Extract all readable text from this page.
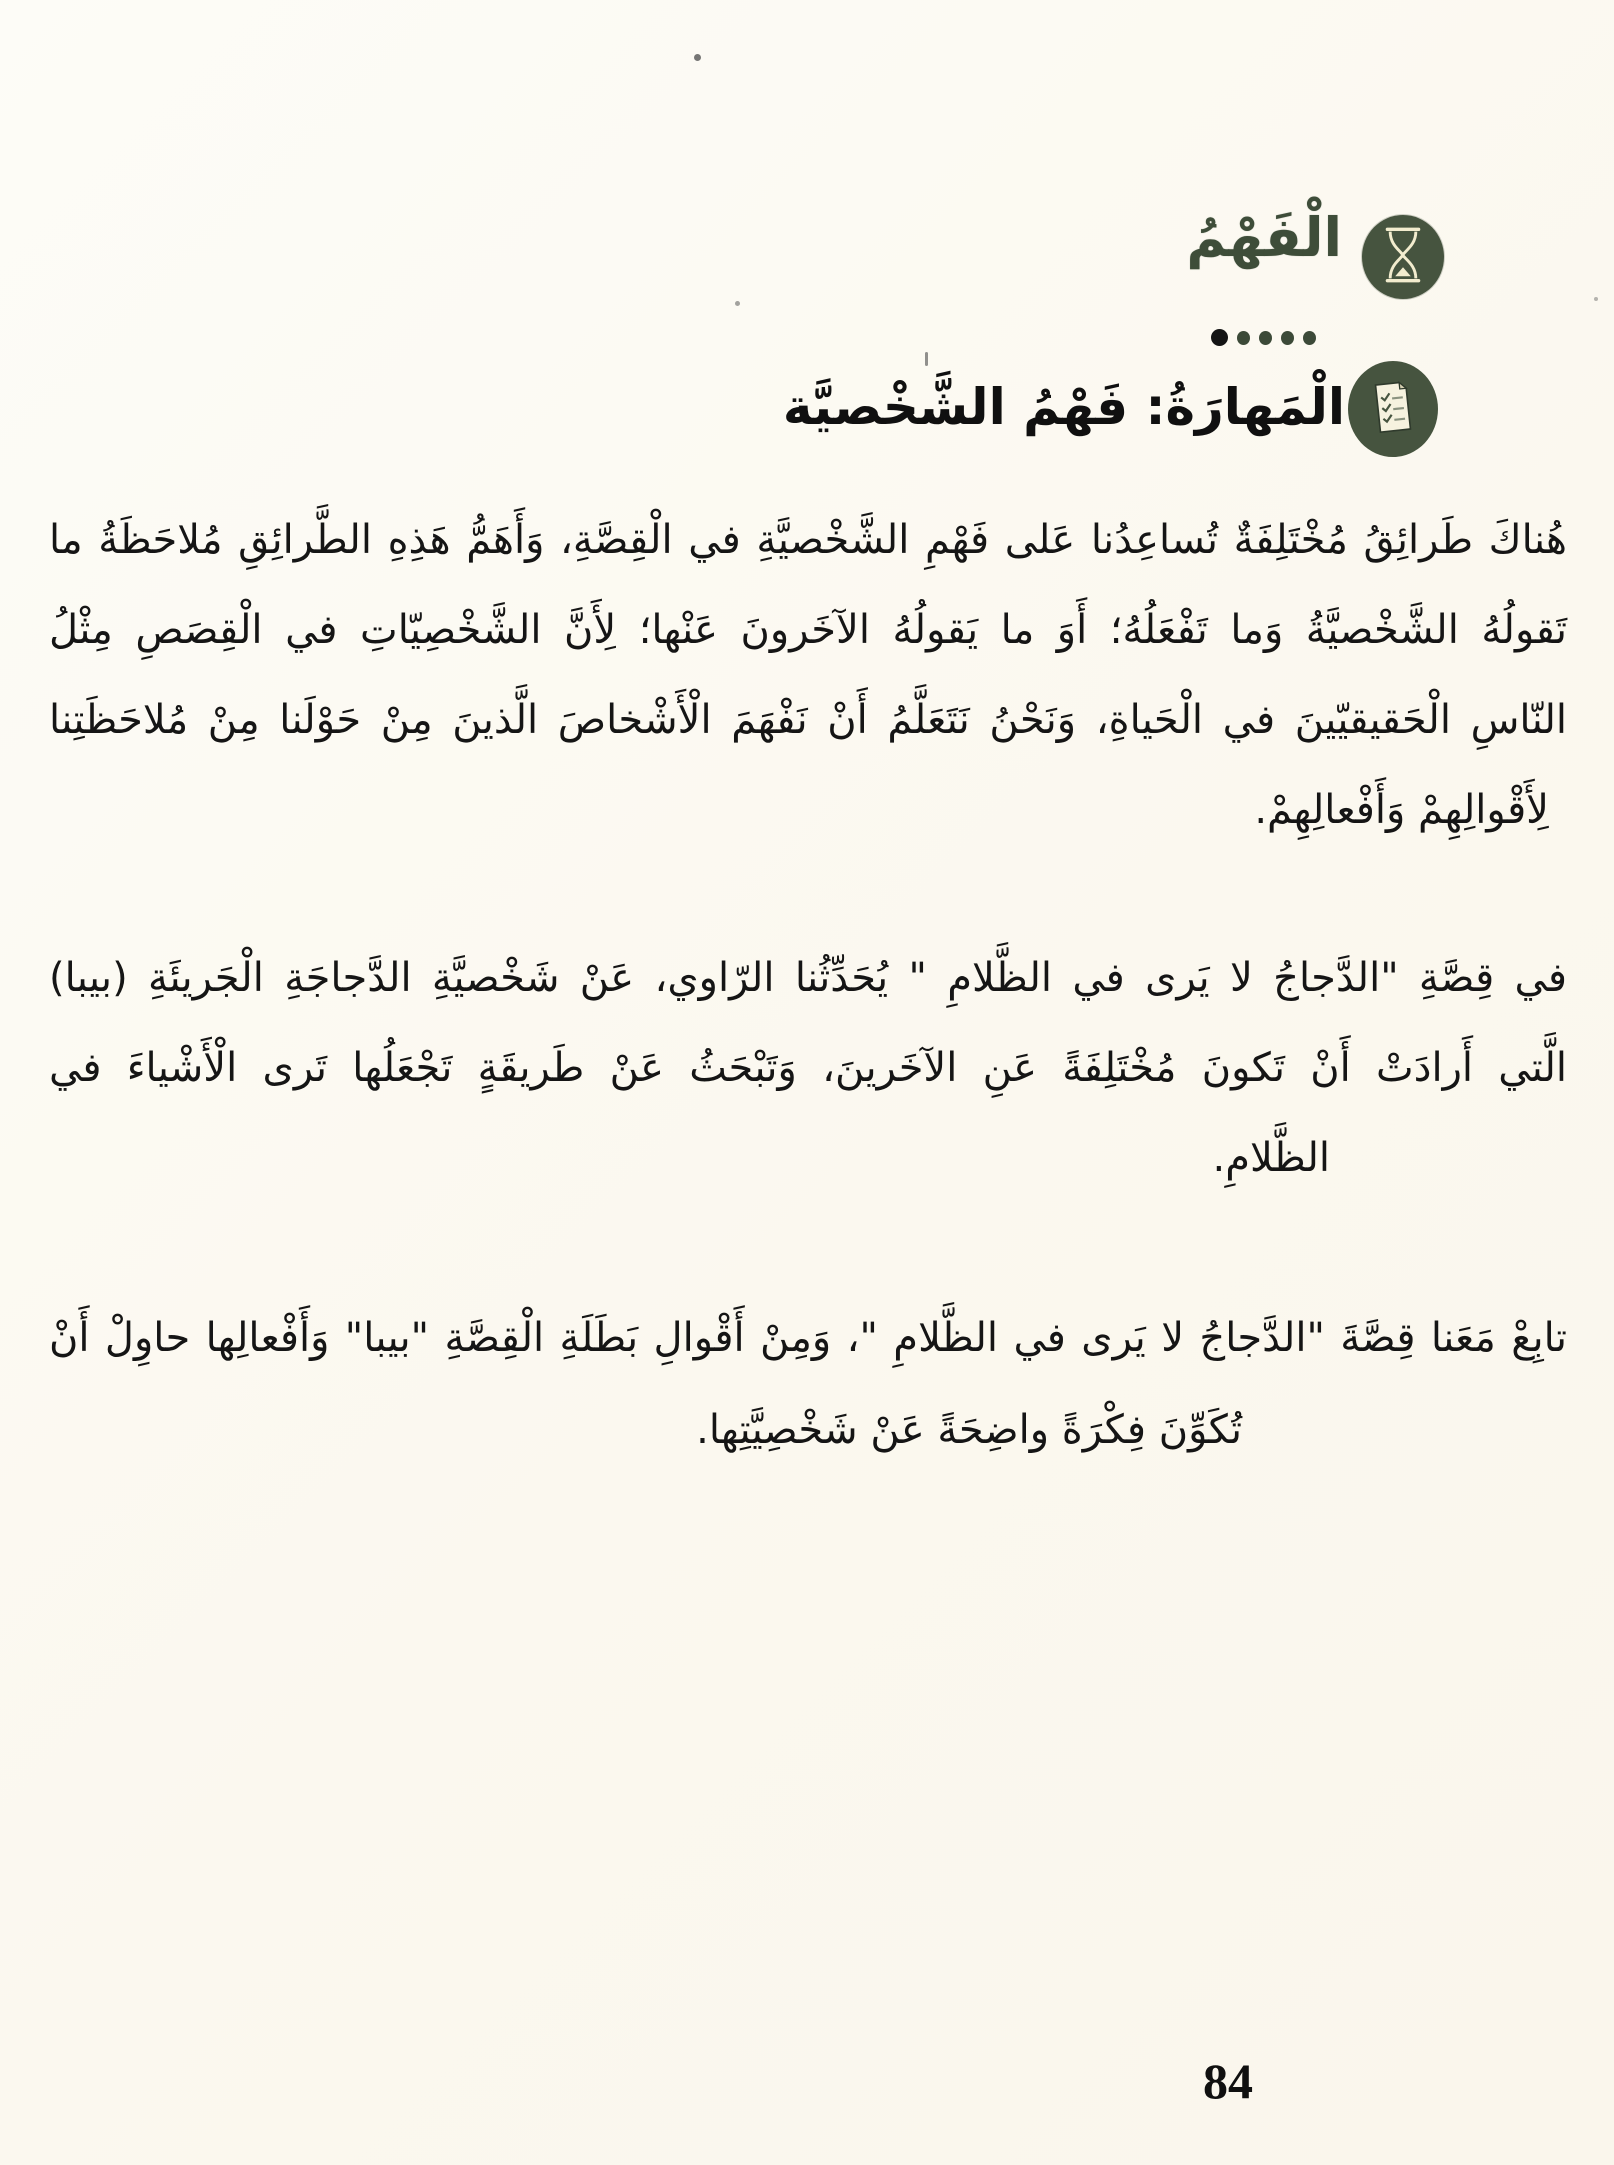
الْفَهْمُ
الْمَهارَةُ: فَهْمُ الشَّخْصيَّة
هُناكَ طَرائِقُ مُخْتَلِفَةٌ تُساعِدُنا عَلى فَهْمِ الشَّخْصيَّةِ في الْقِصَّةِ، وَأَهَمُّ هَذِهِ الطَّرائِقِ مُلاحَظَةُ ما
تَقولُهُ الشَّخْصيَّةُ وَما تَفْعَلُهُ؛ أَوَ ما يَقولُهُ الآخَرونَ عَنْها؛ لِأَنَّ الشَّخْصِيّاتِ في الْقِصَصِ مِثْلُ
النّاسِ الْحَقيقيّينَ في الْحَياةِ، وَنَحْنُ نَتَعَلَّمُ أَنْ نَفْهَمَ الْأَشْخاصَ الَّذينَ مِنْ حَوْلَنا مِنْ مُلاحَظَتِنا
لِأَقْوالِهِمْ وَأَفْعالِهِمْ.
في قِصَّةِ "الدَّجاجُ لا يَرى في الظَّلامِ " يُحَدِّثُنا الرّاوي، عَنْ شَخْصيَّةِ الدَّجاجَةِ الْجَريئَةِ (بيبا)
الَّتي أَرادَتْ أَنْ تَكونَ مُخْتَلِفَةً عَنِ الآخَرينَ، وَتَبْحَثُ عَنْ طَريقَةٍ تَجْعَلُها تَرى الْأَشْياءَ في
الظَّلامِ.
تابِعْ مَعَنا قِصَّةَ "الدَّجاجُ لا يَرى في الظَّلامِ "، وَمِنْ أَقْوالِ بَطَلَةِ الْقِصَّةِ "بيبا" وَأَفْعالِها حاوِلْ أَنْ
تُكَوِّنَ فِكْرَةً واضِحَةً عَنْ شَخْصِيَّتِها.
84
